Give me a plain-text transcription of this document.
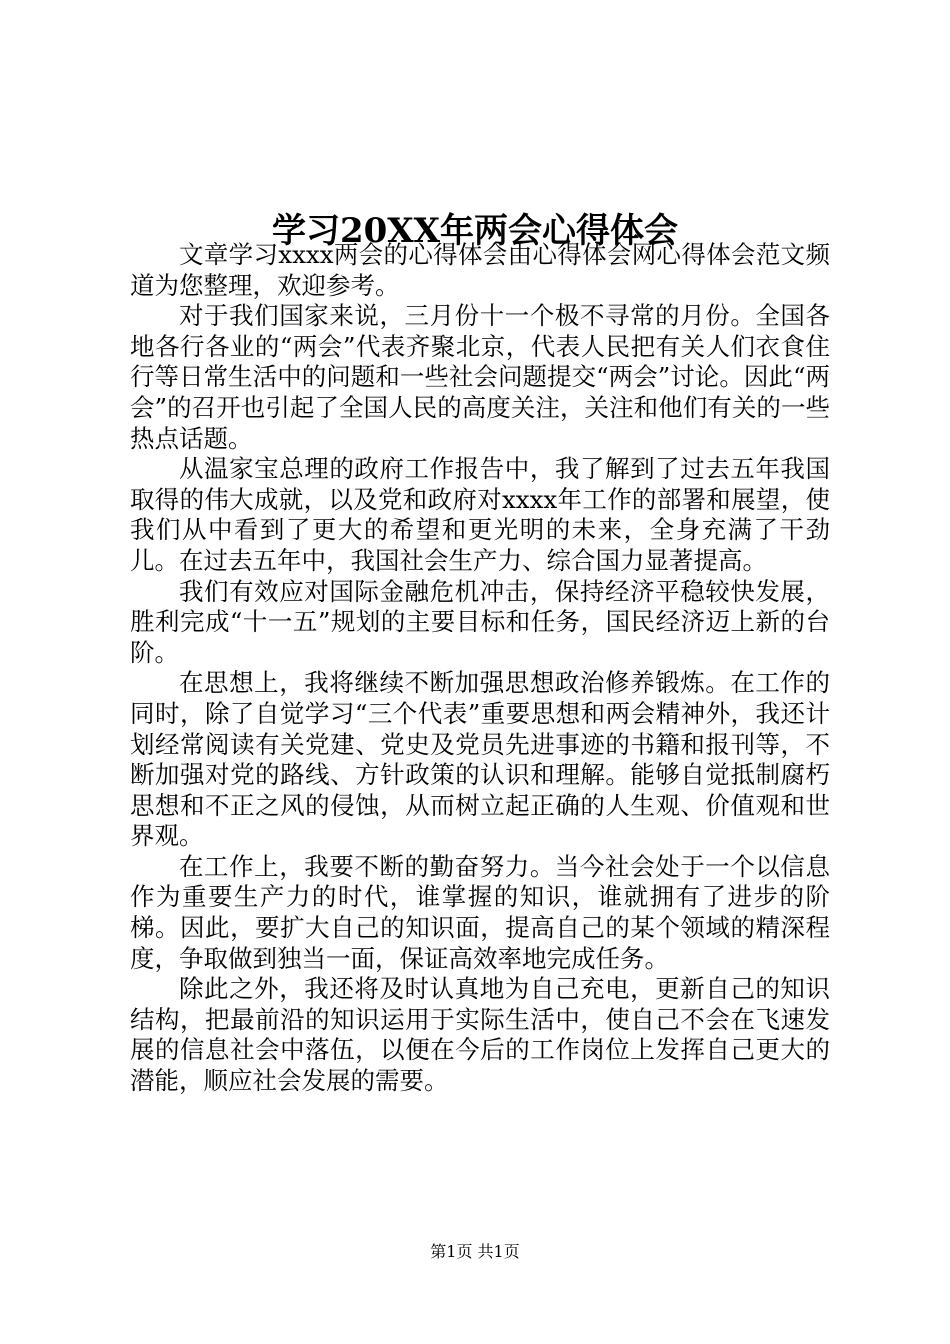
学习20XX年两会心得体会

文章学习xxxx两会的心得体会由心得体会网心得体会范文频道为您整理，欢迎参考。

对于我们国家来说，三月份十一个极不寻常的月份。全国各地各行各业的“两会”代表齐聚北京，代表人民把有关人们衣食住行等日常生活中的问题和一些社会问题提交“两会”讨论。因此“两会”的召开也引起了全国人民的高度关注，关注和他们有关的一些热点话题。

从温家宝总理的政府工作报告中，我了解到了过去五年我国取得的伟大成就，以及党和政府对xxxx年工作的部署和展望，使我们从中看到了更大的希望和更光明的未来，全身充满了干劲儿。在过去五年中，我国社会生产力、综合国力显著提高。

我们有效应对国际金融危机冲击，保持经济平稳较快发展，胜利完成“十一五”规划的主要目标和任务，国民经济迈上新的台阶。

在思想上，我将继续不断加强思想政治修养锻炼。在工作的同时，除了自觉学习“三个代表”重要思想和两会精神外，我还计划经常阅读有关党建、党史及党员先进事迹的书籍和报刊等，不断加强对党的路线、方针政策的认识和理解。能够自觉抵制腐朽思想和不正之风的侵蚀，从而树立起正确的人生观、价值观和世界观。

在工作上，我要不断的勤奋努力。当今社会处于一个以信息作为重要生产力的时代，谁掌握的知识，谁就拥有了进步的阶梯。因此，要扩大自己的知识面，提高自己的某个领域的精深程度，争取做到独当一面，保证高效率地完成任务。

除此之外，我还将及时认真地为自己充电，更新自己的知识结构，把最前沿的知识运用于实际生活中，使自己不会在飞速发展的信息社会中落伍，以便在今后的工作岗位上发挥自己更大的潜能，顺应社会发展的需要。

第1页 共1页
